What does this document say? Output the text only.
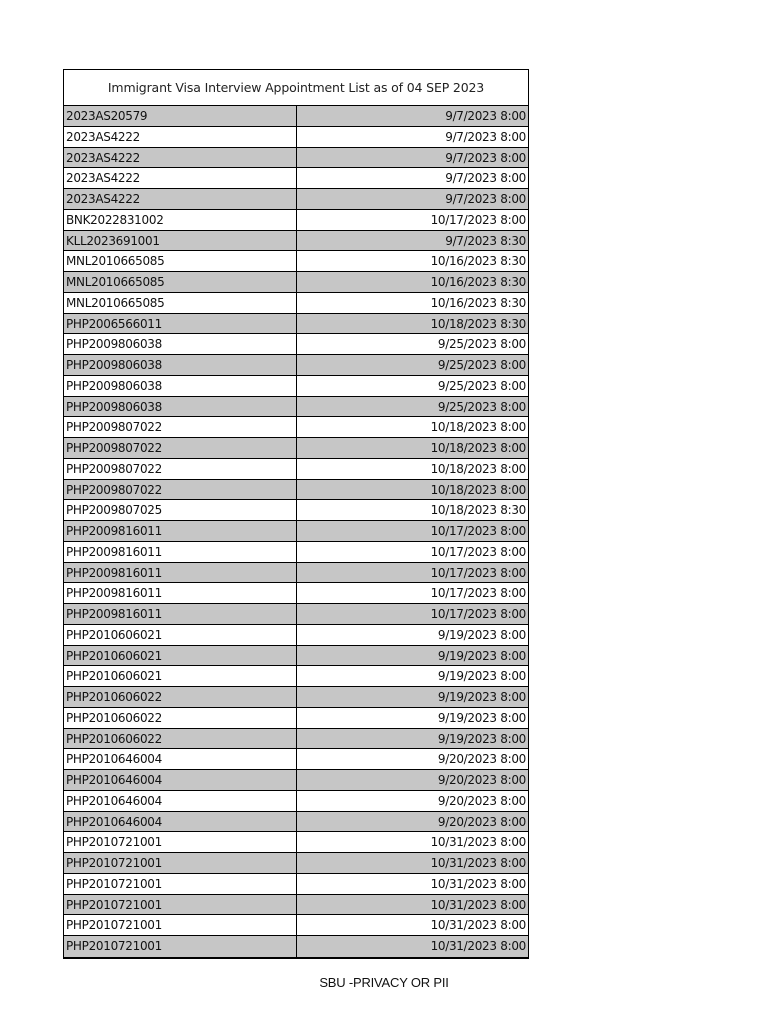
Immigrant Visa Interview Appointment List as of 04 SEP 2023
2023AS20579	9/7/2023 8:00
2023AS4222	9/7/2023 8:00
2023AS4222	9/7/2023 8:00
2023AS4222	9/7/2023 8:00
2023AS4222	9/7/2023 8:00
BNK2022831002	10/17/2023 8:00
KLL2023691001	9/7/2023 8:30
MNL2010665085	10/16/2023 8:30
MNL2010665085	10/16/2023 8:30
MNL2010665085	10/16/2023 8:30
PHP2006566011	10/18/2023 8:30
PHP2009806038	9/25/2023 8:00
PHP2009806038	9/25/2023 8:00
PHP2009806038	9/25/2023 8:00
PHP2009806038	9/25/2023 8:00
PHP2009807022	10/18/2023 8:00
PHP2009807022	10/18/2023 8:00
PHP2009807022	10/18/2023 8:00
PHP2009807022	10/18/2023 8:00
PHP2009807025	10/18/2023 8:30
PHP2009816011	10/17/2023 8:00
PHP2009816011	10/17/2023 8:00
PHP2009816011	10/17/2023 8:00
PHP2009816011	10/17/2023 8:00
PHP2009816011	10/17/2023 8:00
PHP2010606021	9/19/2023 8:00
PHP2010606021	9/19/2023 8:00
PHP2010606021	9/19/2023 8:00
PHP2010606022	9/19/2023 8:00
PHP2010606022	9/19/2023 8:00
PHP2010606022	9/19/2023 8:00
PHP2010646004	9/20/2023 8:00
PHP2010646004	9/20/2023 8:00
PHP2010646004	9/20/2023 8:00
PHP2010646004	9/20/2023 8:00
PHP2010721001	10/31/2023 8:00
PHP2010721001	10/31/2023 8:00
PHP2010721001	10/31/2023 8:00
PHP2010721001	10/31/2023 8:00
PHP2010721001	10/31/2023 8:00
PHP2010721001	10/31/2023 8:00
SBU -PRIVACY OR PII
